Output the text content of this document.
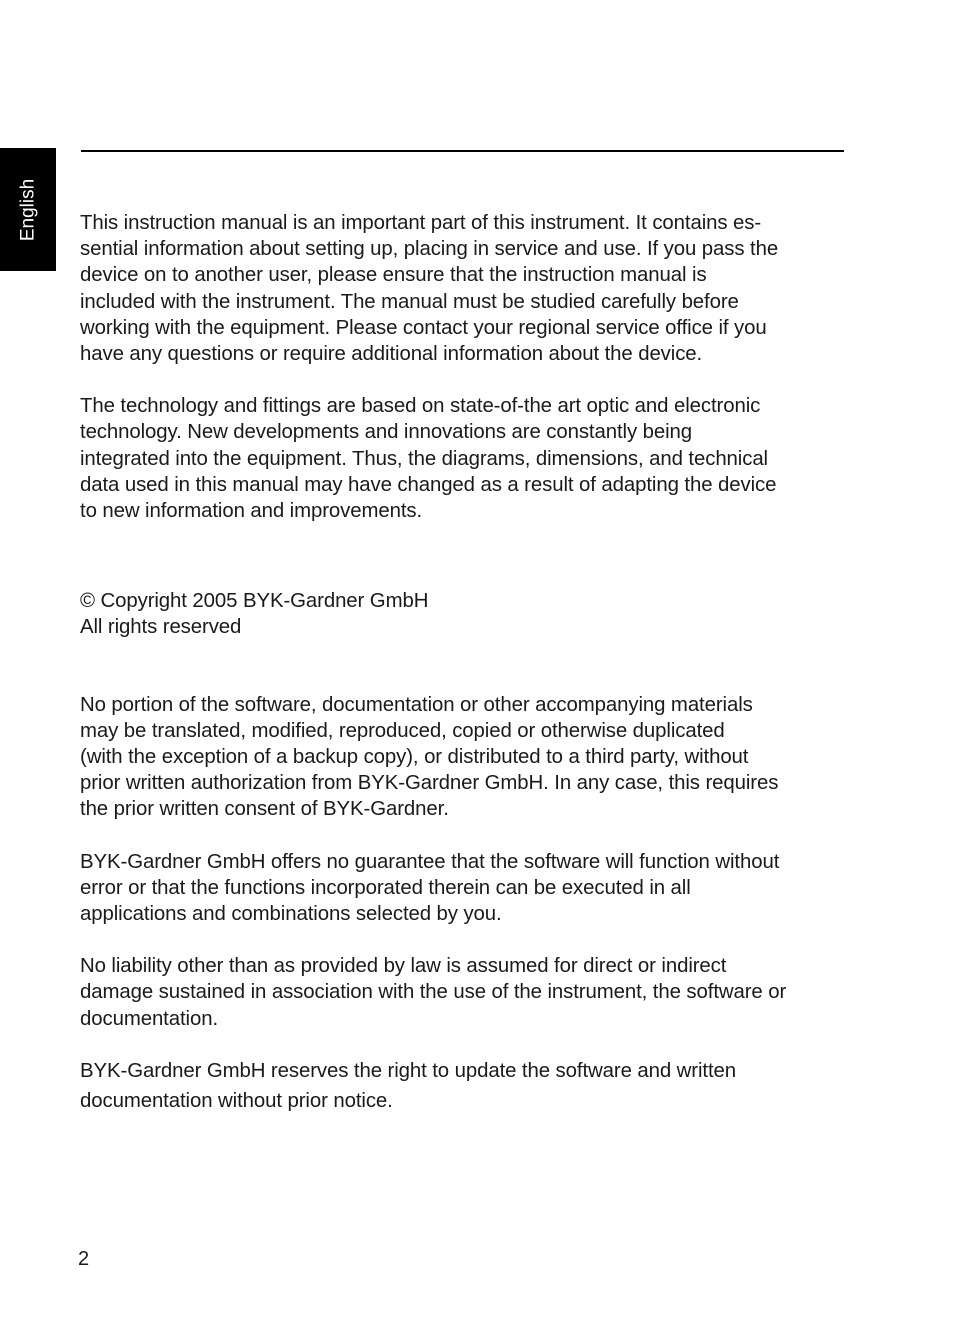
English This instruction manual is an important part of this instrument. It contains es-
sential information about setting up, placing in service and use. If you pass the
device on to another user, please ensure that the instruction manual is
included with the instrument. The manual must be studied carefully before
working with the equipment. Please contact your regional service office if you
have any questions or require additional information about the device.

The technology and fittings are based on state-of-the art optic and electronic
technology. New developments and innovations are constantly being
integrated into the equipment. Thus, the diagrams, dimensions, and technical
data used in this manual may have changed as a result of adapting the device
to new information and improvements.

© Copyright 2005 BYK-Gardner GmbH
All rights reserved

No portion of the software, documentation or other accompanying materials
may be translated, modified, reproduced, copied or otherwise duplicated
(with the exception of a backup copy), or distributed to a third party, without
prior written authorization from BYK-Gardner GmbH. In any case, this requires
the prior written consent of BYK-Gardner.

BYK-Gardner GmbH offers no guarantee that the software will function without
error or that the functions incorporated therein can be executed in all
applications and combinations selected by you.

No liability other than as provided by law is assumed for direct or indirect
damage sustained in association with the use of the instrument, the software or
documentation.

BYK-Gardner GmbH reserves the right to update the software and written
documentation without prior notice.

2
